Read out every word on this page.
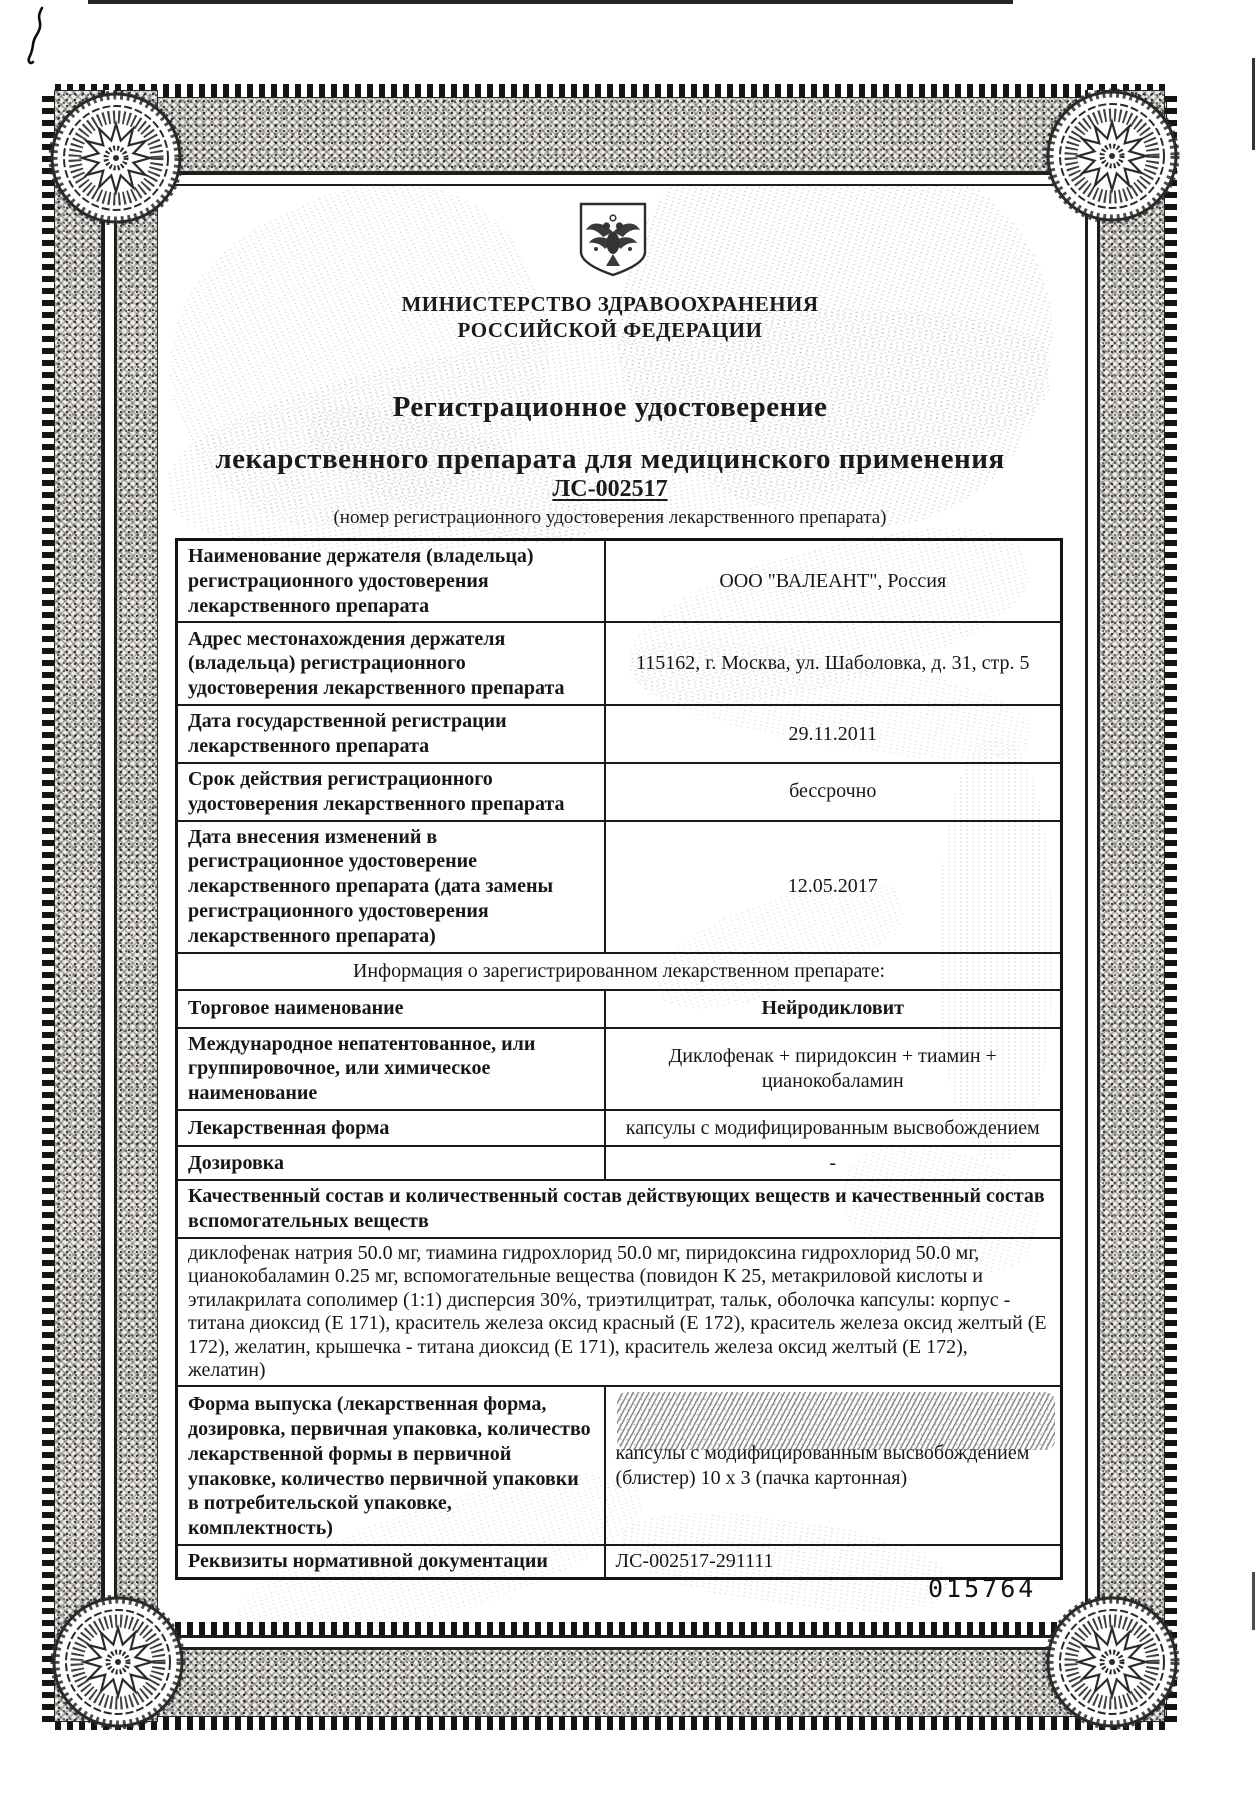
МИНИСТЕРСТВО ЗДРАВООХРАНЕНИЯ
РОССИЙСКОЙ ФЕДЕРАЦИИ
Регистрационное удостоверение
лекарственного препарата для медицинского применения
ЛС-002517
(номер регистрационного удостоверения лекарственного препарата)
Наименование держателя (владельца) регистрационного удостоверения лекарственного препарата	ООО "ВАЛЕАНТ", Россия
Адрес местонахождения держателя (владельца) регистрационного удостоверения лекарственного препарата	115162, г. Москва, ул. Шаболовка, д. 31, стр. 5
Дата государственной регистрации лекарственного препарата	29.11.2011
Срок действия регистрационного удостоверения лекарственного препарата	бессрочно
Дата внесения изменений в регистрационное удостоверение лекарственного препарата (дата замены регистрационного удостоверения лекарственного препарата)	12.05.2017
Информация о зарегистрированном лекарственном препарате:	
Торговое наименование	Нейродикловит
Международное непатентованное, или группировочное, или химическое наименование	Диклофенак + пиридоксин + тиамин + цианокобаламин
Лекарственная форма	капсулы с модифицированным высвобождением
Дозировка	-
Качественный состав и количественный состав действующих веществ и качественный состав вспомогательных веществ	
диклофенак натрия 50.0 мг, тиамина гидрохлорид 50.0 мг, пиридоксина гидрохлорид 50.0 мг, цианокобаламин 0.25 мг, вспомогательные вещества (повидон К 25, метакриловой кислоты и этилакрилата сополимер (1:1) дисперсия 30%, триэтилцитрат, тальк, оболочка капсулы: корпус - титана диоксид (Е 171), краситель железа оксид красный (Е 172), краситель железа оксид желтый (Е 172), желатин, крышечка - титана диоксид (Е 171), краситель железа оксид желтый (Е 172), желатин)	
Форма выпуска (лекарственная форма, дозировка, первичная упаковка, количество лекарственной формы в первичной упаковке, количество первичной упаковки в потребительской упаковке, комплектность)	капсулы с модифицированным высвобождением (блистер) 10 х 3 (пачка картонная)
Реквизиты нормативной документации	ЛС-002517-291111
015764
